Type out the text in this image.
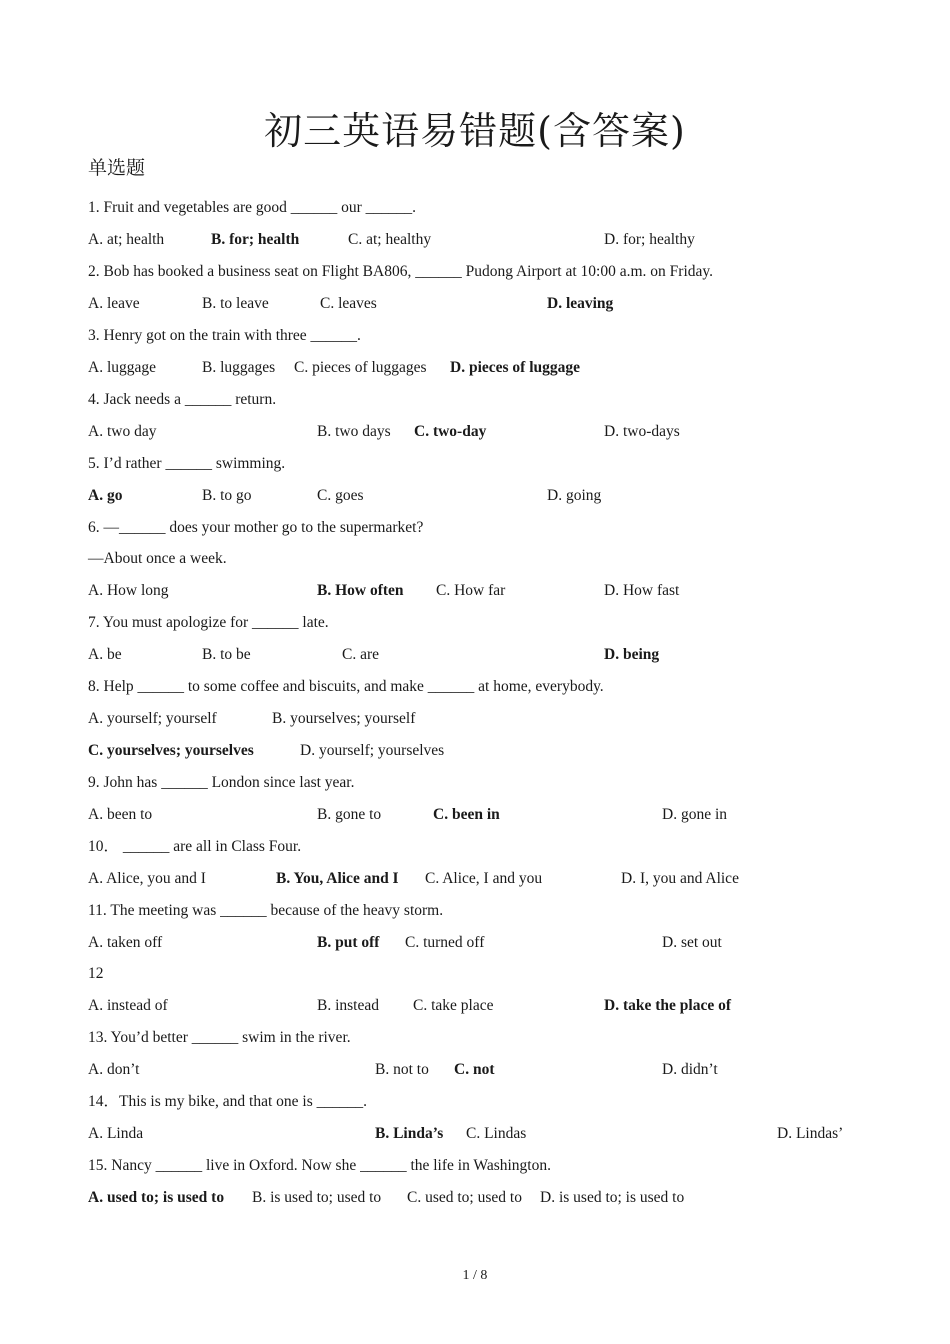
初三英语易错题(含答案)
单选题
1. Fruit and vegetables are good ______ our ______.
A. at; health	B. for; health	C. at; healthy	D. for; healthy
2. Bob has booked a business seat on Flight BA806, ______ Pudong Airport at 10:00 a.m. on Friday.
A. leave	B. to leave	C. leaves	D. leaving
3. Henry got on the train with three ______.
A. luggage	B. luggages C. pieces of luggages D. pieces of luggage
4. Jack needs a ______ return.
A. two day	B. two days C. two-day	D. two-days
5. I’d rather ______ swimming.
A. go	B. to go	C. goes	D. going
6. —______ does your mother go to the supermarket?
—About once a week.
A. How long	B. How often C. How far	D. How fast
7. You must apologize for ______ late.
A. be	B. to be	C. are	D. being
8. Help ______ to some coffee and biscuits, and make ______ at home, everybody.
A. yourself; yourself	B. yourselves; yourself
C. yourselves; yourselves	D. yourself; yourselves
9. John has ______ London since last year.
A. been to	B. gone to	C. been in	D. gone in
10． ______ are all in Class Four.
A. Alice, you and I	B. You, Alice and I C. Alice, I and you	D. I, you and Alice
11. The meeting was ______ because of the heavy storm.
A. taken off	B. put off C. turned off	D. set out
12
A. instead of	B. instead C. take place	D. take the place of
13. You’d better ______ swim in the river.
A. don’t	B. not to C. not	D. didn’t
14．This is my bike, and that one is ______.
A. Linda	B. Linda’s C. Lindas	D. Lindas’
15. Nancy ______ live in Oxford. Now she ______ the life in Washington.
A. used to; is used to B. is used to; used to C. used to; used to D. is used to; is used to
1 / 8
